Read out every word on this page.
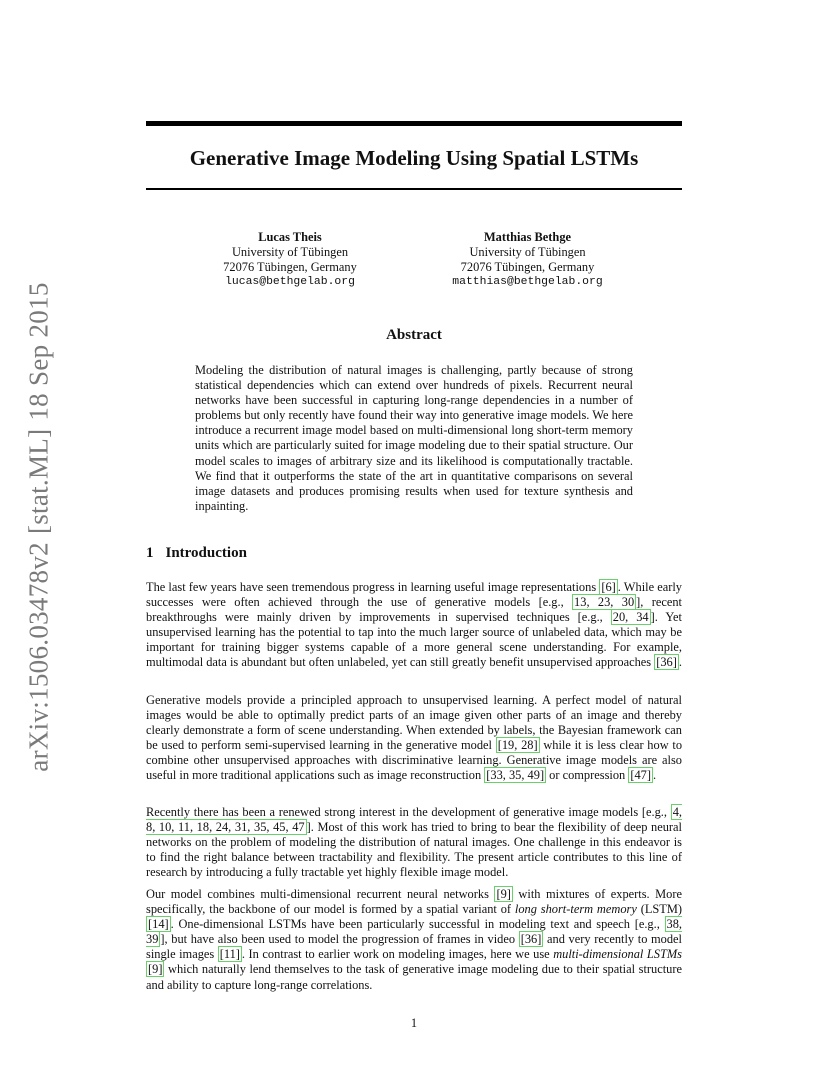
arXiv:1506.03478v2[stat.ML]18 Sep 2015
Generative Image Modeling Using Spatial LSTMs
Lucas Theis
University of Tübingen
72076 Tübingen, Germany
lucas@bethgelab.org
Matthias Bethge
University of Tübingen
72076 Tübingen, Germany
matthias@bethgelab.org
Abstract

Modeling the distribution of natural images is challenging, partly because of strong statistical dependencies which can extend over hundreds of pixels. Recurrent neural networks have been successful in capturing long-range dependencies in a number of problems but only recently have found their way into generative image models. We here introduce a recurrent image model based on multi-dimensional long short-term memory units which are particularly suited for image modeling due to their spatial structure. Our model scales to images of arbitrary size and its likelihood is computationally tractable. We find that it outperforms the state of the art in quantitative comparisons on several image datasets and produces promising results when used for texture synthesis and inpainting.

1 Introduction

The last few years have seen tremendous progress in learning useful image representations [6] . While early successes were often achieved through the use of generative models [e.g., 13, 23, 30 ], recent breakthroughs were mainly driven by improvements in supervised techniques [e.g., 20, 34 ]. Yet unsupervised learning has the potential to tap into the much larger source of unlabeled data, which may be important for training bigger systems capable of a more general scene understanding. For example, multimodal data is abundant but often unlabeled, yet can still greatly benefit unsupervised approaches [36] .

Generative models provide a principled approach to unsupervised learning. A perfect model of natural images would be able to optimally predict parts of an image given other parts of an image and thereby clearly demonstrate a form of scene understanding. When extended by labels, the Bayesian framework can be used to perform semi-supervised learning in the generative model [19, 28] while it is less clear how to combine other unsupervised approaches with discriminative learning. Generative image models are also useful in more traditional applications such as image reconstruction [33, 35, 49] or compression [47] .

Recently there has been a renewed strong interest in the development of generative image models [e.g., 4, 8, 10, 11, 18, 24, 31, 35, 45, 47 ]. Most of this work has tried to bring to bear the flexibility of deep neural networks on the problem of modeling the distribution of natural images. One challenge in this endeavor is to find the right balance between tractability and flexibility. The present article contributes to this line of research by introducing a fully tractable yet highly flexible image model.

Our model combines multi-dimensional recurrent neural networks [9] with mixtures of experts. More specifically, the backbone of our model is formed by a spatial variant of long short-term memory (LSTM) [14] . One-dimensional LSTMs have been particularly successful in modeling text and speech [e.g., 38, 39 ], but have also been used to model the progression of frames in video [36] and very recently to model single images [11] . In contrast to earlier work on modeling images, here we use multi-dimensional LSTMs [9] which naturally lend themselves to the task of generative image modeling due to their spatial structure and ability to capture long-range correlations.

1
